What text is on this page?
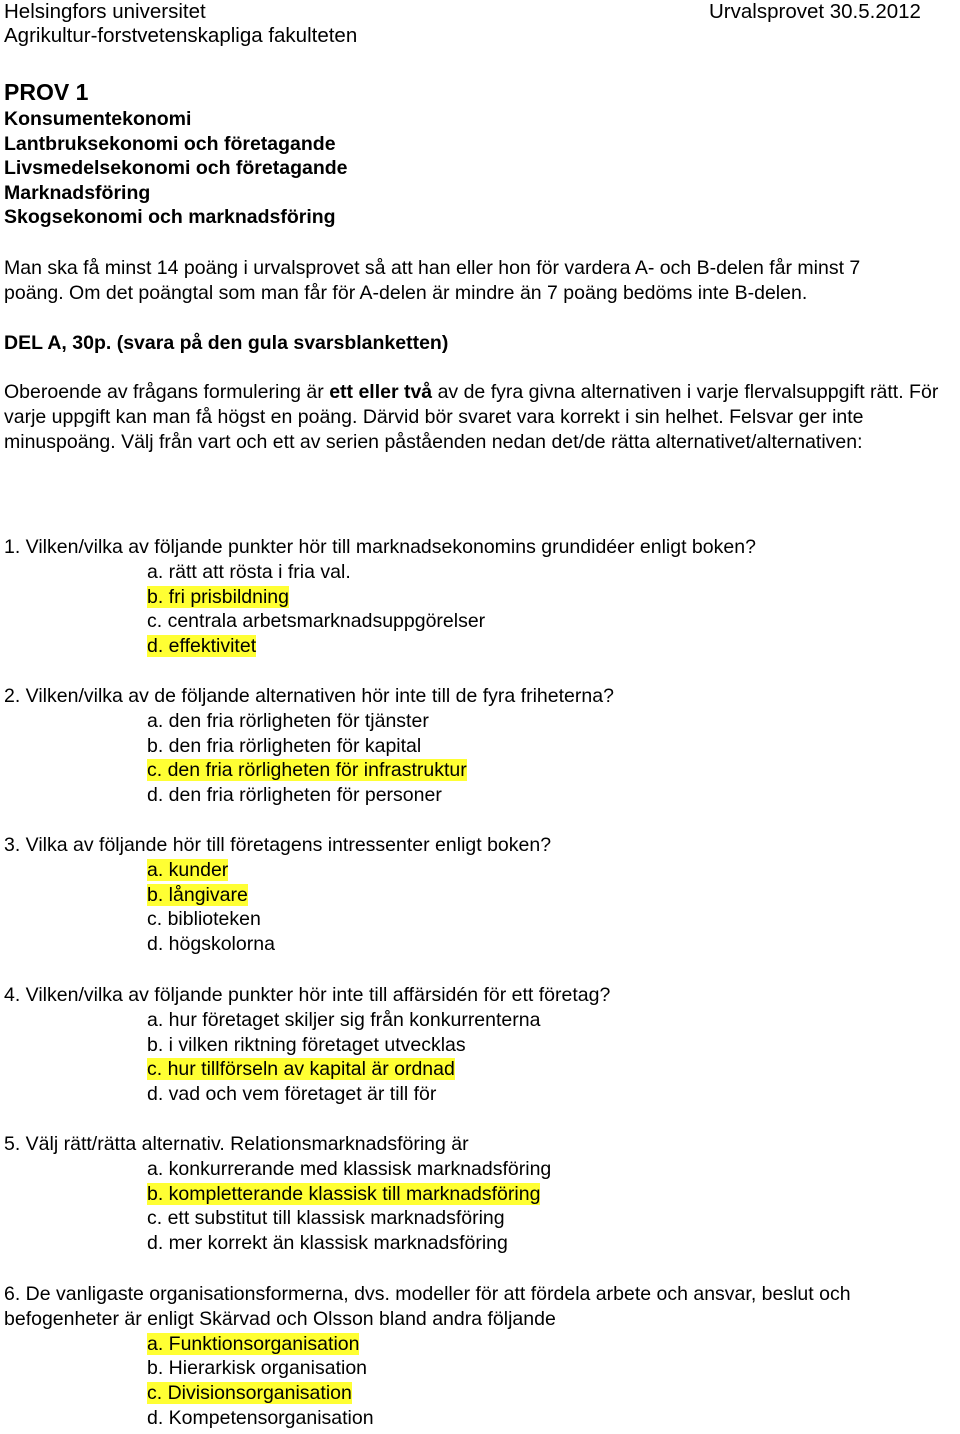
Helsingfors universitet	Urvalsprovet 30.5.2012
Agrikultur-forstvetenskapliga fakulteten
PROV 1
Konsumentekonomi
Lantbruksekonomi och företagande
Livsmedelsekonomi och företagande
Marknadsföring
Skogsekonomi och marknadsföring
Man ska få minst 14 poäng i urvalsprovet så att han eller hon för vardera A- och B-delen får minst 7
poäng. Om det poängtal som man får för A-delen är mindre än 7 poäng bedöms inte B-delen.
DEL A, 30p. (svara på den gula svarsblanketten)
Oberoende av frågans formulering är ett eller två av de fyra givna alternativen i varje flervalsuppgift rätt. För varje uppgift kan man få högst en poäng. Därvid bör svaret vara korrekt i sin helhet. Felsvar ger inte minuspoäng. Välj från vart och ett av serien påståenden nedan det/de rätta alternativet/alternativen:
1. Vilken/vilka av följande punkter hör till marknadsekonomins grundidéer enligt boken?
a. rätt att rösta i fria val.
b. fri prisbildning
c. centrala arbetsmarknadsuppgörelser
d. effektivitet
2. Vilken/vilka av de följande alternativen hör inte till de fyra friheterna?
a. den fria rörligheten för tjänster
b. den fria rörligheten för kapital
c. den fria rörligheten för infrastruktur
d. den fria rörligheten för personer
3. Vilka av följande hör till företagens intressenter enligt boken?
a. kunder
b. långivare
c. biblioteken
d. högskolorna
4. Vilken/vilka av följande punkter hör inte till affärsidén för ett företag?
a. hur företaget skiljer sig från konkurrenterna
b. i vilken riktning företaget utvecklas
c. hur tillförseln av kapital är ordnad
d. vad och vem företaget är till för
5. Välj rätt/rätta alternativ. Relationsmarknadsföring är
a. konkurrerande med klassisk marknadsföring
b. kompletterande klassisk till marknadsföring
c. ett substitut till klassisk marknadsföring
d. mer korrekt än klassisk marknadsföring
6. De vanligaste organisationsformerna, dvs. modeller för att fördela arbete och ansvar, beslut och befogenheter är enligt Skärvad och Olsson bland andra följande
a. Funktionsorganisation
b. Hierarkisk organisation
c. Divisionsorganisation
d. Kompetensorganisation
